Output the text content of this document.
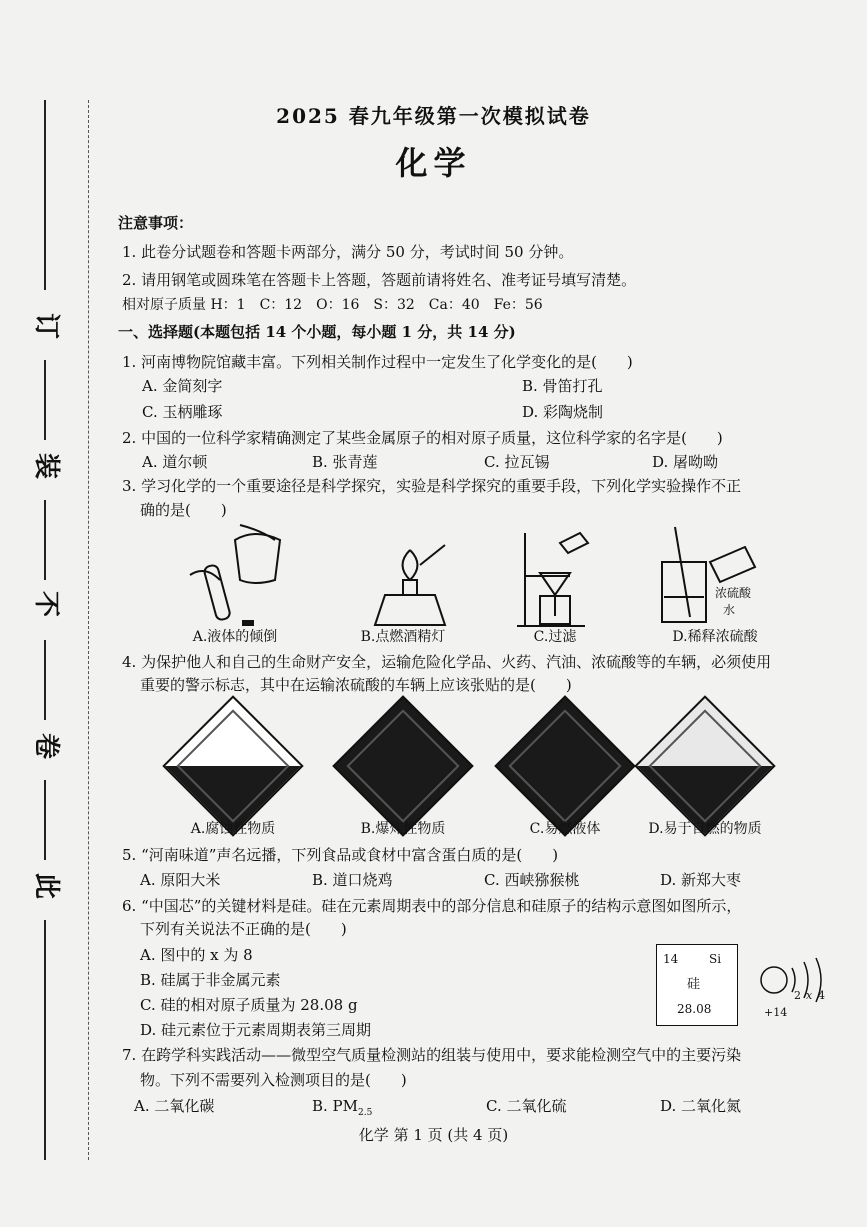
订
装
不
卷
此
2025 春九年级第一次模拟试卷
化学
注意事项：
1. 此卷分试题卷和答题卡两部分，满分 50 分，考试时间 50 分钟。
2. 请用钢笔或圆珠笔在答题卡上答题，答题前请将姓名、准考证号填写清楚。
相对原子质量 H：1　C：12　O：16　S：32　Ca：40　Fe：56
一、选择题(本题包括 14 个小题，每小题 1 分，共 14 分)
1. 河南博物院馆藏丰富。下列相关制作过程中一定发生了化学变化的是(　　)
A. 金简刻字	B. 骨笛打孔
C. 玉柄雕琢	D. 彩陶烧制
2. 中国的一位科学家精确测定了某些金属原子的相对原子质量，这位科学家的名字是(　　)
A. 道尔顿	B. 张青莲	C. 拉瓦锡	D. 屠呦呦
3. 学习化学的一个重要途径是科学探究，实验是科学探究的重要手段，下列化学实验操作不正
确的是(　　)
浓硫酸
水
A.液体的倾倒	B.点燃酒精灯	C.过滤	D.稀释浓硫酸
4. 为保护他人和自己的生命财产安全，运输危险化学品、火药、汽油、浓硫酸等的车辆，必须使用
重要的警示标志，其中在运输浓硫酸的车辆上应该张贴的是(　　)
A.腐蚀性物质	B.爆炸性物质	C.易燃液体	D.易于自燃的物质
5. “河南味道”声名远播，下列食品或食材中富含蛋白质的是(　　)
A. 原阳大米	B. 道口烧鸡	C. 西峡猕猴桃	D. 新郑大枣
6. “中国芯”的关键材料是硅。硅在元素周期表中的部分信息和硅原子的结构示意图如图所示，
下列有关说法不正确的是(　　)
A. 图中的 x 为 8
B. 硅属于非金属元素
C. 硅的相对原子质量为 28.08 g
D. 硅元素位于元素周期表第三周期
14	Si
硅
28.08	+14
2 x 4
7. 在跨学科实践活动——微型空气质量检测站的组装与使用中，要求能检测空气中的主要污染
物。下列不需要列入检测项目的是(　　)
A. 二氧化碳	B. $PM_{2.5}$	C. 二氧化硫	D. 二氧化氮
化学 第 1 页 (共 4 页)
